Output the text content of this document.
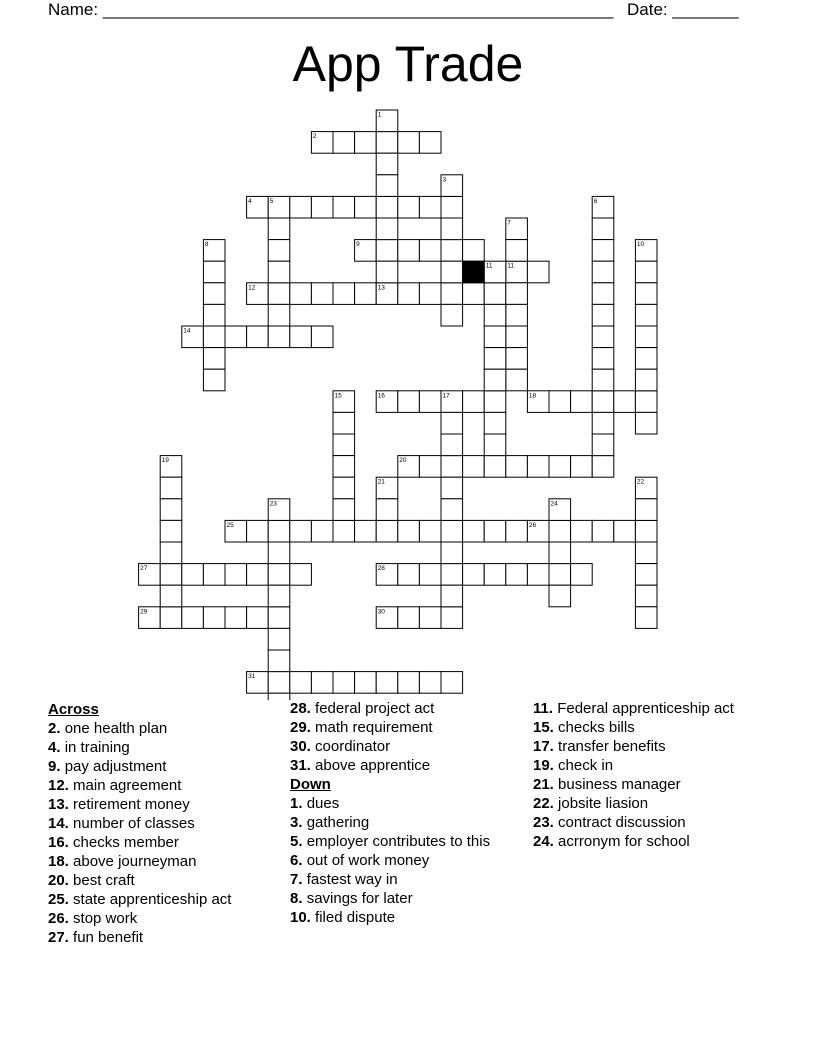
Name: ______________________________________________________ Date: _______
App Trade
2
4
9
11
12	13
14
16	18
20
25	26
27	28
29	30
31
1
3
5	6
7
8	10
11
15	17
19
21	22
23	24
Across
2. one health plan
4. in training
9. pay adjustment
12. main agreement
13. retirement money
14. number of classes
16. checks member
18. above journeyman
20. best craft
25. state apprenticeship act
26. stop work
27. fun benefit
28. federal project act
29. math requirement
30. coordinator
31. above apprentice
Down
1. dues
3. gathering
5. employer contributes to this
6. out of work money
7. fastest way in
8. savings for later
10. filed dispute
11. Federal apprenticeship act
15. checks bills
17. transfer benefits
19. check in
21. business manager
22. jobsite liasion
23. contract discussion
24. acrronym for school
